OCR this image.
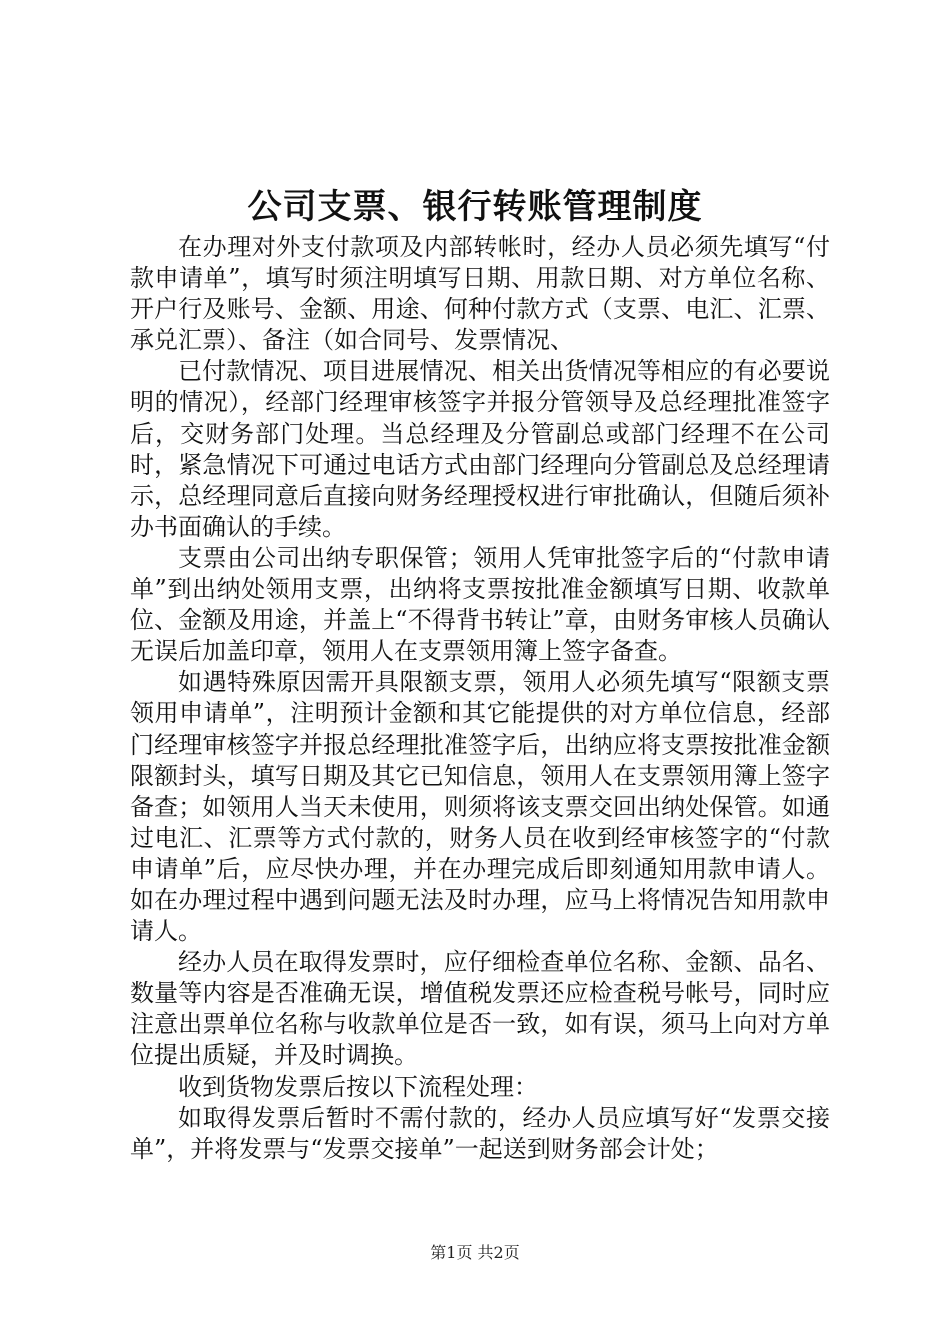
公司支票、银行转账管理制度

在办理对外支付款项及内部转帐时，经办人员必须先填写“付款申请单”，填写时须注明填写日期、用款日期、对方单位名称、开户行及账号、金额、用途、何种付款方式（支票、电汇、汇票、承兑汇票）、备注（如合同号、发票情况、

已付款情况、项目进展情况、相关出货情况等相应的有必要说明的情况），经部门经理审核签字并报分管领导及总经理批准签字后，交财务部门处理。当总经理及分管副总或部门经理不在公司时，紧急情况下可通过电话方式由部门经理向分管副总及总经理请示，总经理同意后直接向财务经理授权进行审批确认，但随后须补办书面确认的手续。

支票由公司出纳专职保管；领用人凭审批签字后的“付款申请单”到出纳处领用支票，出纳将支票按批准金额填写日期、收款单位、金额及用途，并盖上“不得背书转让”章，由财务审核人员确认无误后加盖印章，领用人在支票领用簿上签字备查。

如遇特殊原因需开具限额支票，领用人必须先填写“限额支票领用申请单”，注明预计金额和其它能提供的对方单位信息，经部门经理审核签字并报总经理批准签字后，出纳应将支票按批准金额限额封头，填写日期及其它已知信息，领用人在支票领用簿上签字备查；如领用人当天未使用，则须将该支票交回出纳处保管。如通过电汇、汇票等方式付款的，财务人员在收到经审核签字的“付款申请单”后，应尽快办理，并在办理完成后即刻通知用款申请人。如在办理过程中遇到问题无法及时办理，应马上将情况告知用款申请人。

经办人员在取得发票时，应仔细检查单位名称、金额、品名、数量等内容是否准确无误，增值税发票还应检查税号帐号，同时应注意出票单位名称与收款单位是否一致，如有误，须马上向对方单位提出质疑，并及时调换。

收到货物发票后按以下流程处理：

如取得发票后暂时不需付款的，经办人员应填写好“发票交接单”，并将发票与“发票交接单”一起送到财务部会计处；

第1页 共2页
